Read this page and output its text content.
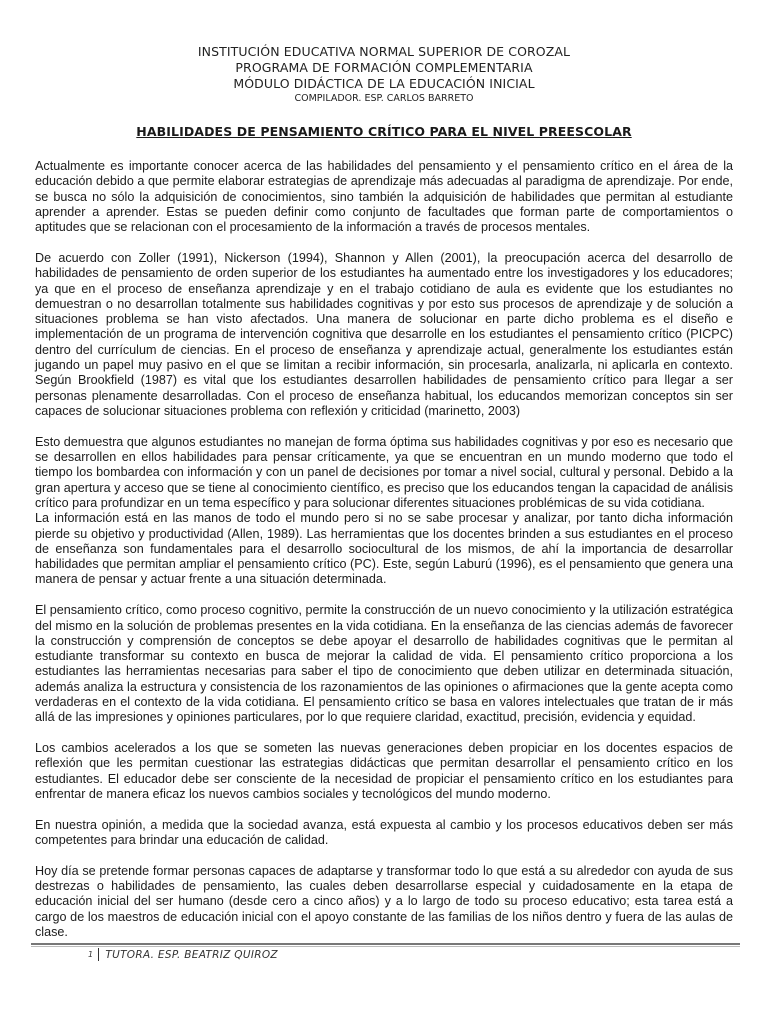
INSTITUCIÓN EDUCATIVA NORMAL SUPERIOR DE COROZAL
PROGRAMA DE FORMACIÓN COMPLEMENTARIA
MÓDULO DIDÁCTICA DE LA EDUCACIÓN INICIAL
COMPILADOR. ESP. CARLOS BARRETO
HABILIDADES DE PENSAMIENTO CRÍTICO PARA EL NIVEL PREESCOLAR

Actualmente es importante conocer acerca de las habilidades del pensamiento y el pensamiento crítico en el área de la educación debido a que permite elaborar estrategias de aprendizaje más adecuadas al paradigma de aprendizaje. Por ende, se busca no sólo la adquisición de conocimientos, sino también la adquisición de habilidades que permitan al estudiante aprender a aprender. Estas se pueden definir como conjunto de facultades que forman parte de comportamientos o aptitudes que se relacionan con el procesamiento de la información a través de procesos mentales.

De acuerdo con Zoller (1991), Nickerson (1994), Shannon y Allen (2001), la preocupación acerca del desarrollo de habilidades de pensamiento de orden superior de los estudiantes ha aumentado entre los investigadores y los educadores; ya que en el proceso de enseñanza aprendizaje y en el trabajo cotidiano de aula es evidente que los estudiantes no demuestran o no desarrollan totalmente sus habilidades cognitivas y por esto sus procesos de aprendizaje y de solución a situaciones problema se han visto afectados. Una manera de solucionar en parte dicho problema es el diseño e implementación de un programa de intervención cognitiva que desarrolle en los estudiantes el pensamiento crítico (PICPC) dentro del currículum de ciencias. En el proceso de enseñanza y aprendizaje actual, generalmente los estudiantes están jugando un papel muy pasivo en el que se limitan a recibir información, sin procesarla, analizarla, ni aplicarla en contexto. Según Brookfield (1987) es vital que los estudiantes desarrollen habilidades de pensamiento crítico para llegar a ser personas plenamente desarrolladas. Con el proceso de enseñanza habitual, los educandos memorizan conceptos sin ser capaces de solucionar situaciones problema con reflexión y criticidad (marinetto, 2003)

Esto demuestra que algunos estudiantes no manejan de forma óptima sus habilidades cognitivas y por eso es necesario que se desarrollen en ellos habilidades para pensar críticamente, ya que se encuentran en un mundo moderno que todo el tiempo los bombardea con información y con un panel de decisiones por tomar a nivel social, cultural y personal. Debido a la gran apertura y acceso que se tiene al conocimiento científico, es preciso que los educandos tengan la capacidad de análisis crítico para profundizar en un tema específico y para solucionar diferentes situaciones problémicas de su vida cotidiana.

La información está en las manos de todo el mundo pero si no se sabe procesar y analizar, por tanto dicha información pierde su objetivo y productividad (Allen, 1989). Las herramientas que los docentes brinden a sus estudiantes en el proceso de enseñanza son fundamentales para el desarrollo sociocultural de los mismos, de ahí la importancia de desarrollar habilidades que permitan ampliar el pensamiento crítico (PC). Este, según Laburú (1996), es el pensamiento que genera una manera de pensar y actuar frente a una situación determinada.

El pensamiento crítico, como proceso cognitivo, permite la construcción de un nuevo conocimiento y la utilización estratégica del mismo en la solución de problemas presentes en la vida cotidiana. En la enseñanza de las ciencias además de favorecer la construcción y comprensión de conceptos se debe apoyar el desarrollo de habilidades cognitivas que le permitan al estudiante transformar su contexto en busca de mejorar la calidad de vida. El pensamiento crítico proporciona a los estudiantes las herramientas necesarias para saber el tipo de conocimiento que deben utilizar en determinada situación, además analiza la estructura y consistencia de los razonamientos de las opiniones o afirmaciones que la gente acepta como verdaderas en el contexto de la vida cotidiana. El pensamiento crítico se basa en valores intelectuales que tratan de ir más allá de las impresiones y opiniones particulares, por lo que requiere claridad, exactitud, precisión, evidencia y equidad.

Los cambios acelerados a los que se someten las nuevas generaciones deben propiciar en los docentes espacios de reflexión que les permitan cuestionar las estrategias didácticas que permitan desarrollar el pensamiento crítico en los estudiantes. El educador debe ser consciente de la necesidad de propiciar el pensamiento crítico en los estudiantes para enfrentar de manera eficaz los nuevos cambios sociales y tecnológicos del mundo moderno.

En nuestra opinión, a medida que la sociedad avanza, está expuesta al cambio y los procesos educativos deben ser más competentes para brindar una educación de calidad.

Hoy día se pretende formar personas capaces de adaptarse y transformar todo lo que está a su alrededor con ayuda de sus destrezas o habilidades de pensamiento, las cuales deben desarrollarse especial y cuidadosamente en la etapa de educación inicial del ser humano (desde cero a cinco años) y a lo largo de todo su proceso educativo; esta tarea está a cargo de los maestros de educación inicial con el apoyo constante de las familias de los niños dentro y fuera de las aulas de clase.

1 TUTORA. ESP. BEATRIZ QUIROZ
